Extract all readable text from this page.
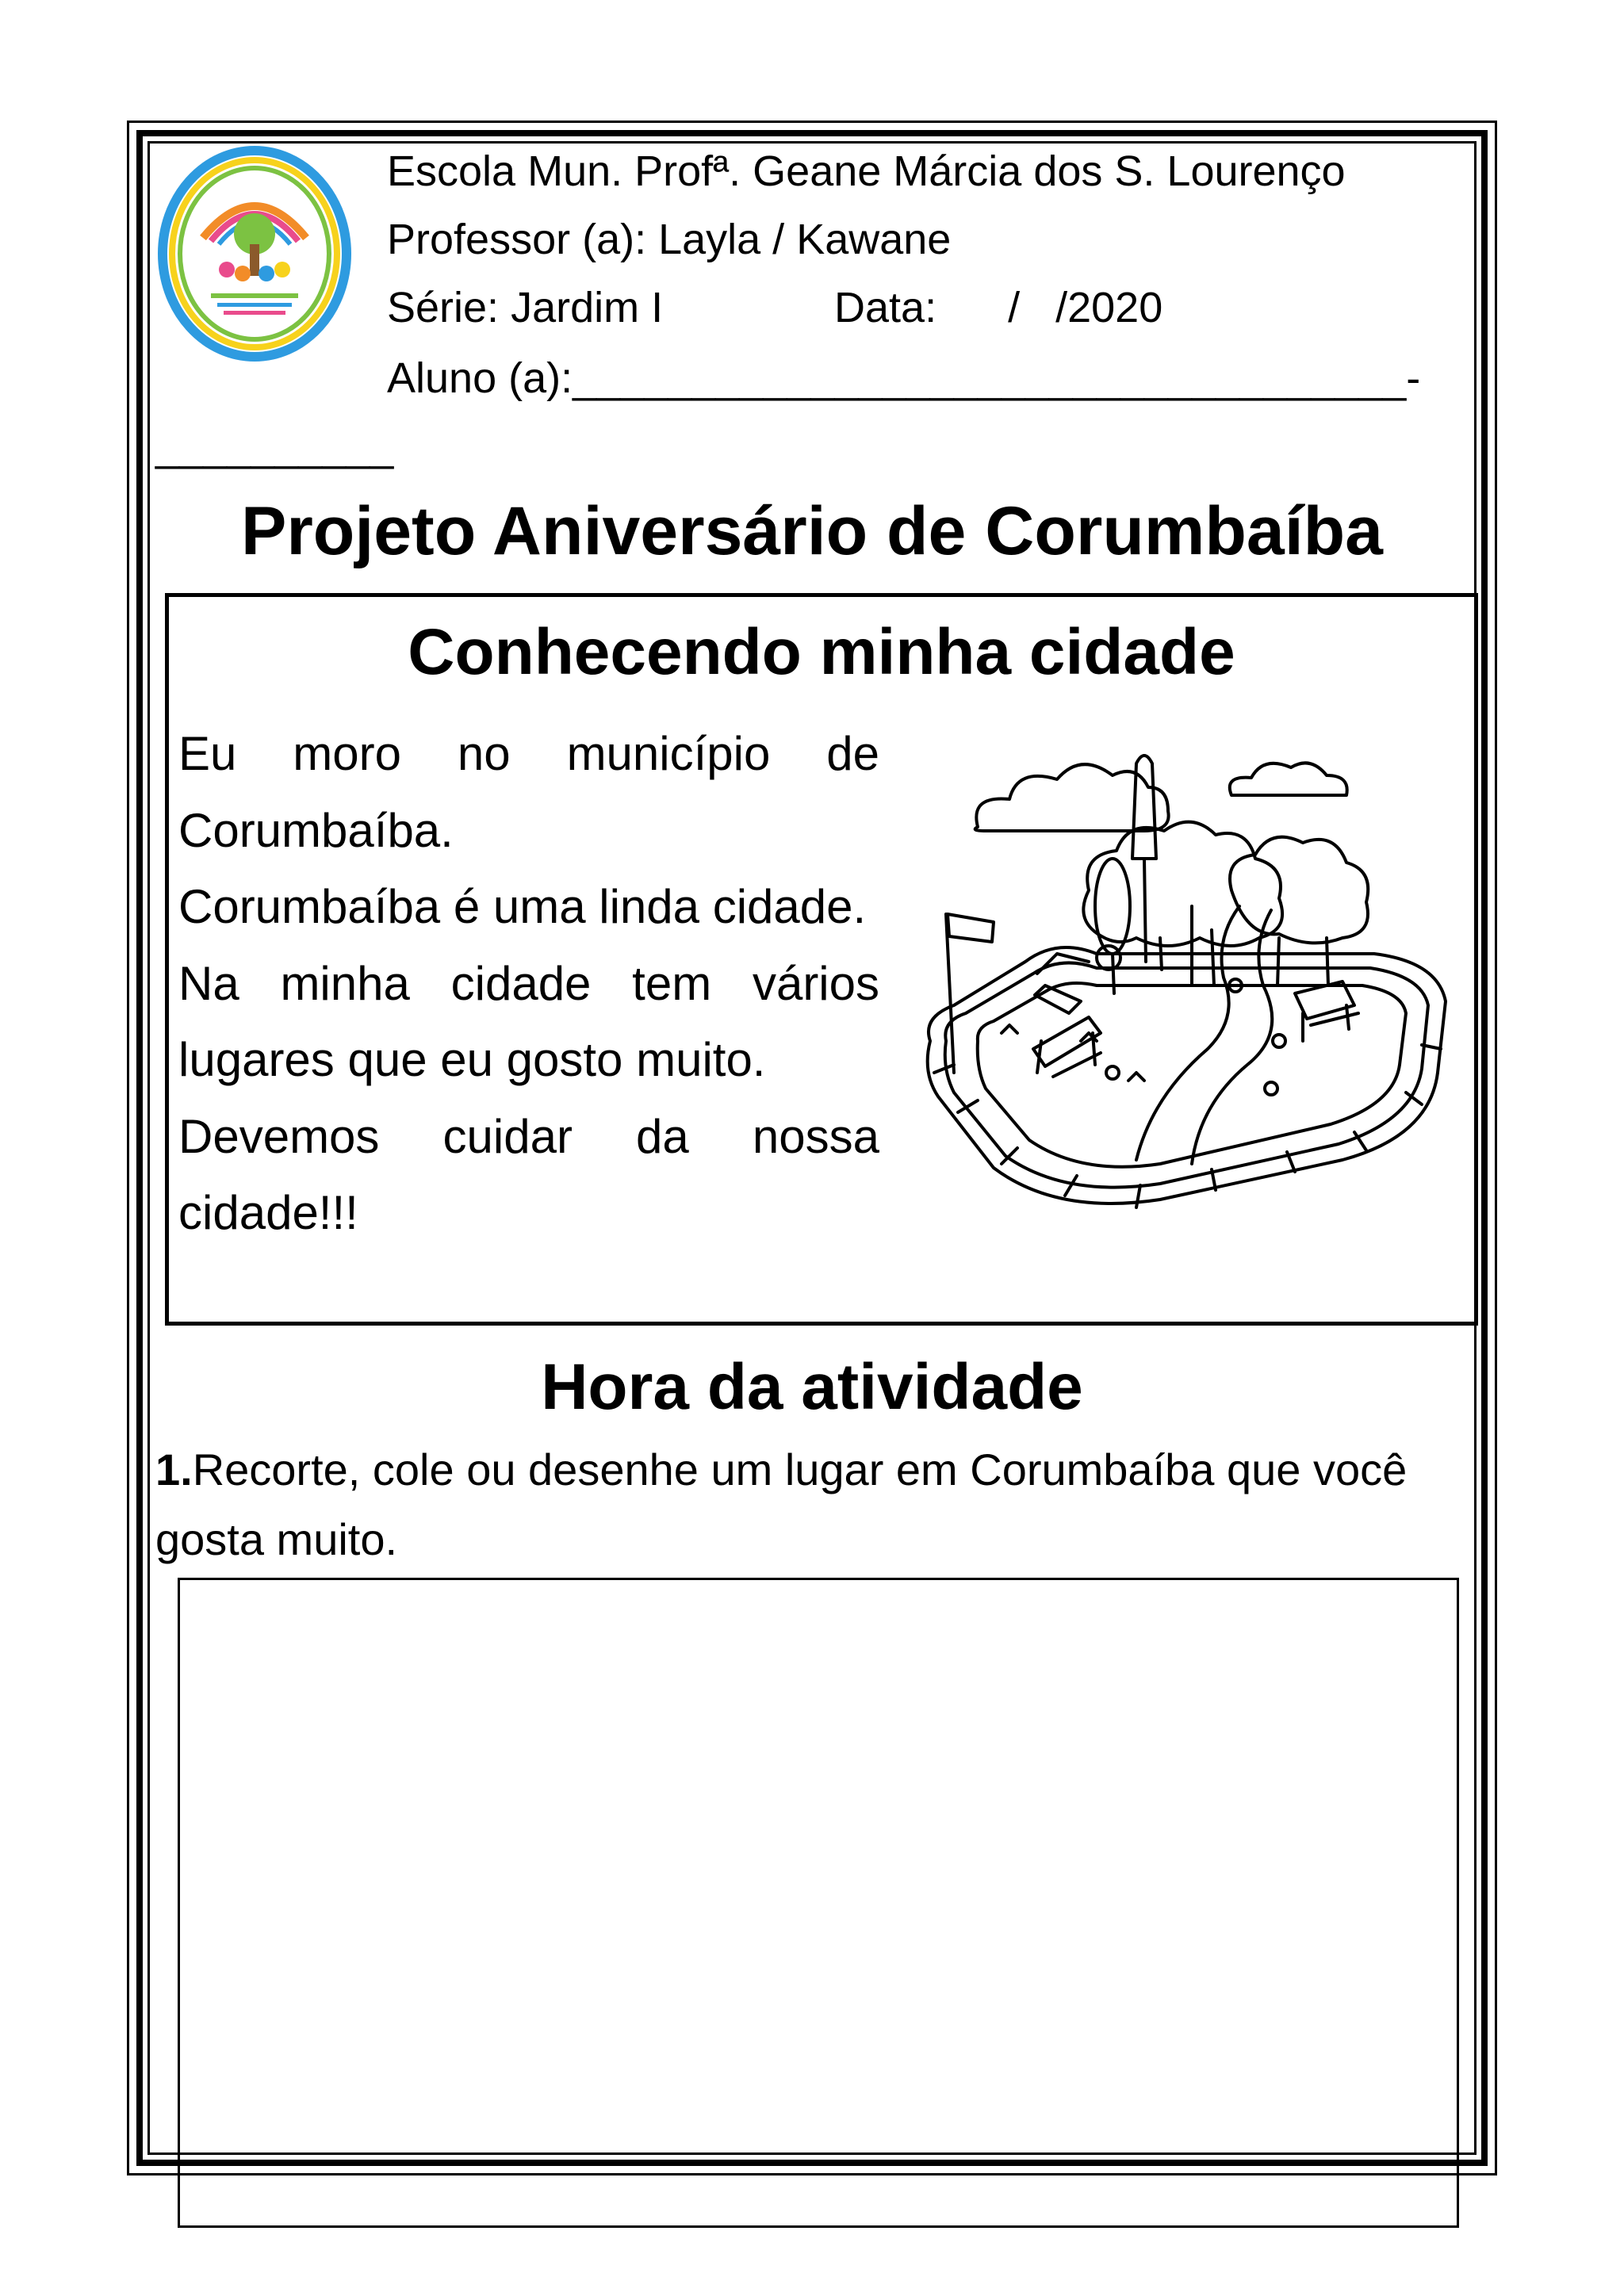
Escola Mun. Profª. Geane Márcia dos S. Lourenço
Professor (a): Layla / Kawane
Série: Jardim I	Data:      /   /2020
Aluno (a):___________________________________-
__________
Projeto Aniversário de Corumbaíba
Conhecendo minha cidade

Eu moro no município de Corumbaíba.

Corumbaíba é uma linda cidade.

Na minha cidade tem vários lugares que eu gosto muito.

Devemos cuidar da nossa cidade!!!

Hora da atividade
1.Recorte, cole ou desenhe um lugar em Corumbaíba que você gosta muito.
